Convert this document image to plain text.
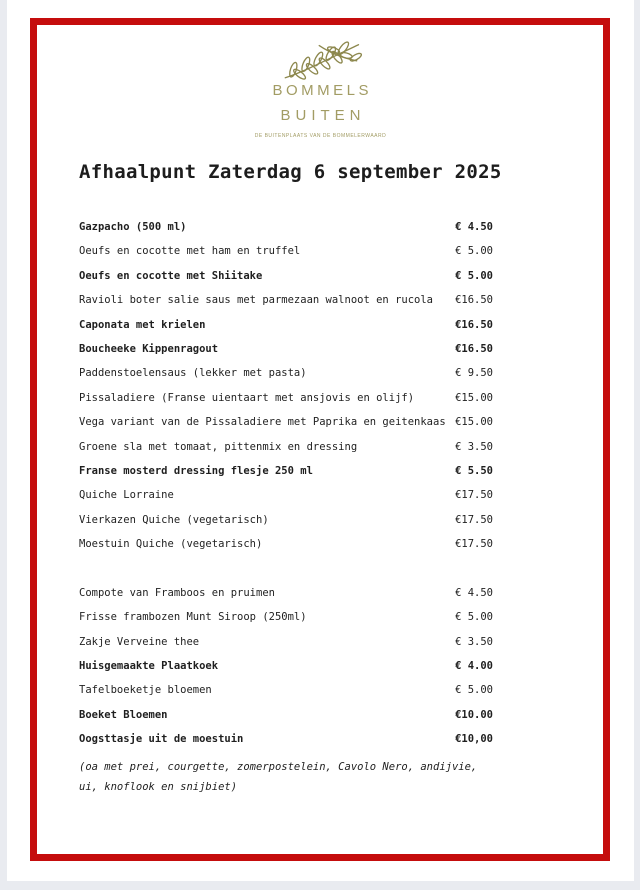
BOMMELS
BUITEN
DE BUITENPLAATS VAN DE BOMMELERWAARD
Afhaalpunt Zaterdag 6 september 2025
Gazpacho (500 ml)	€ 4.50
Oeufs en cocotte met ham en truffel	€ 5.00
Oeufs en cocotte met Shiitake	€ 5.00
Ravioli boter salie saus met parmezaan walnoot en rucola €16.50
Caponata met krielen	€16.50
Boucheeke Kippenragout	€16.50
Paddenstoelensaus (lekker met pasta)	€ 9.50
Pissaladiere (Franse uientaart met ansjovis en olijf)	€15.00
Vega variant van de Pissaladiere met Paprika en geitenkaas €15.00
Groene sla met tomaat, pittenmix en dressing	€ 3.50
Franse mosterd dressing flesje 250 ml	€ 5.50
Quiche Lorraine	€17.50
Vierkazen Quiche (vegetarisch)	€17.50
Moestuin Quiche (vegetarisch)	€17.50
Compote van Framboos en pruimen	€ 4.50
Frisse frambozen Munt Siroop (250ml)	€ 5.00
Zakje Verveine thee	€ 3.50
Huisgemaakte Plaatkoek	€ 4.00
Tafelboeketje bloemen	€ 5.00
Boeket Bloemen	€10.00
Oogsttasje uit de moestuin	€10,00
(oa met prei, courgette, zomerpostelein, Cavolo Nero, andijvie, ui, knoflook en snijbiet)
